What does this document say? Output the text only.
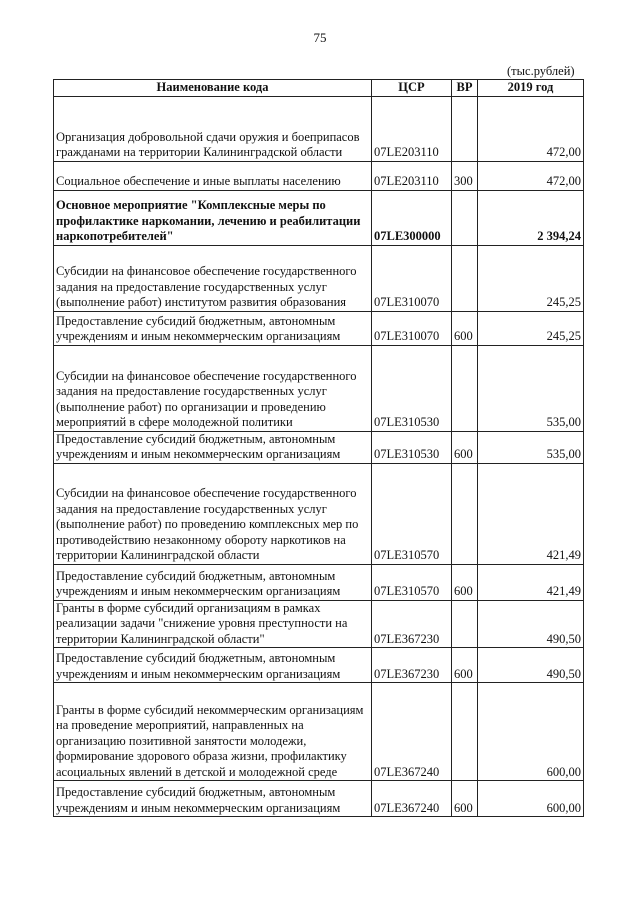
75
(тыс.рублей)
Наименование кода	ЦСР	ВР	2019 год
Организация добровольной сдачи оружия и боеприпасов гражданами на территории Калининградской области	07LE203110		472,00
Социальное обеспечение и иные выплаты населению	07LE203110	300	472,00
Основное мероприятие "Комплексные меры по профилактике наркомании, лечению и реабилитации наркопотребителей"	07LE300000		2 394,24
Субсидии на финансовое обеспечение государственного задания на предоставление государственных услуг (выполнение работ) институтом развития образования	07LE310070		245,25
Предоставление субсидий бюджетным, автономным учреждениям и иным некоммерческим организациям	07LE310070	600	245,25
Субсидии на финансовое обеспечение государственного задания на предоставление государственных услуг (выполнение работ) по организации и проведению мероприятий в сфере молодежной политики	07LE310530		535,00
Предоставление субсидий бюджетным, автономным учреждениям и иным некоммерческим организациям	07LE310530	600	535,00
Субсидии на финансовое обеспечение государственного задания на предоставление государственных услуг (выполнение работ) по проведению комплексных мер по противодействию незаконному обороту наркотиков на территории Калининградской области	07LE310570		421,49
Предоставление субсидий бюджетным, автономным учреждениям и иным некоммерческим организациям	07LE310570	600	421,49
Гранты в форме субсидий организациям в рамках реализации задачи "снижение уровня преступности на территории Калининградской области"	07LE367230		490,50
Предоставление субсидий бюджетным, автономным учреждениям и иным некоммерческим организациям	07LE367230	600	490,50
Гранты в форме субсидий некоммерческим организациям на проведение мероприятий, направленных на организацию позитивной занятости молодежи, формирование здорового образа жизни, профилактику асоциальных явлений в детской и молодежной среде	07LE367240		600,00
Предоставление субсидий бюджетным, автономным учреждениям и иным некоммерческим организациям	07LE367240	600	600,00
